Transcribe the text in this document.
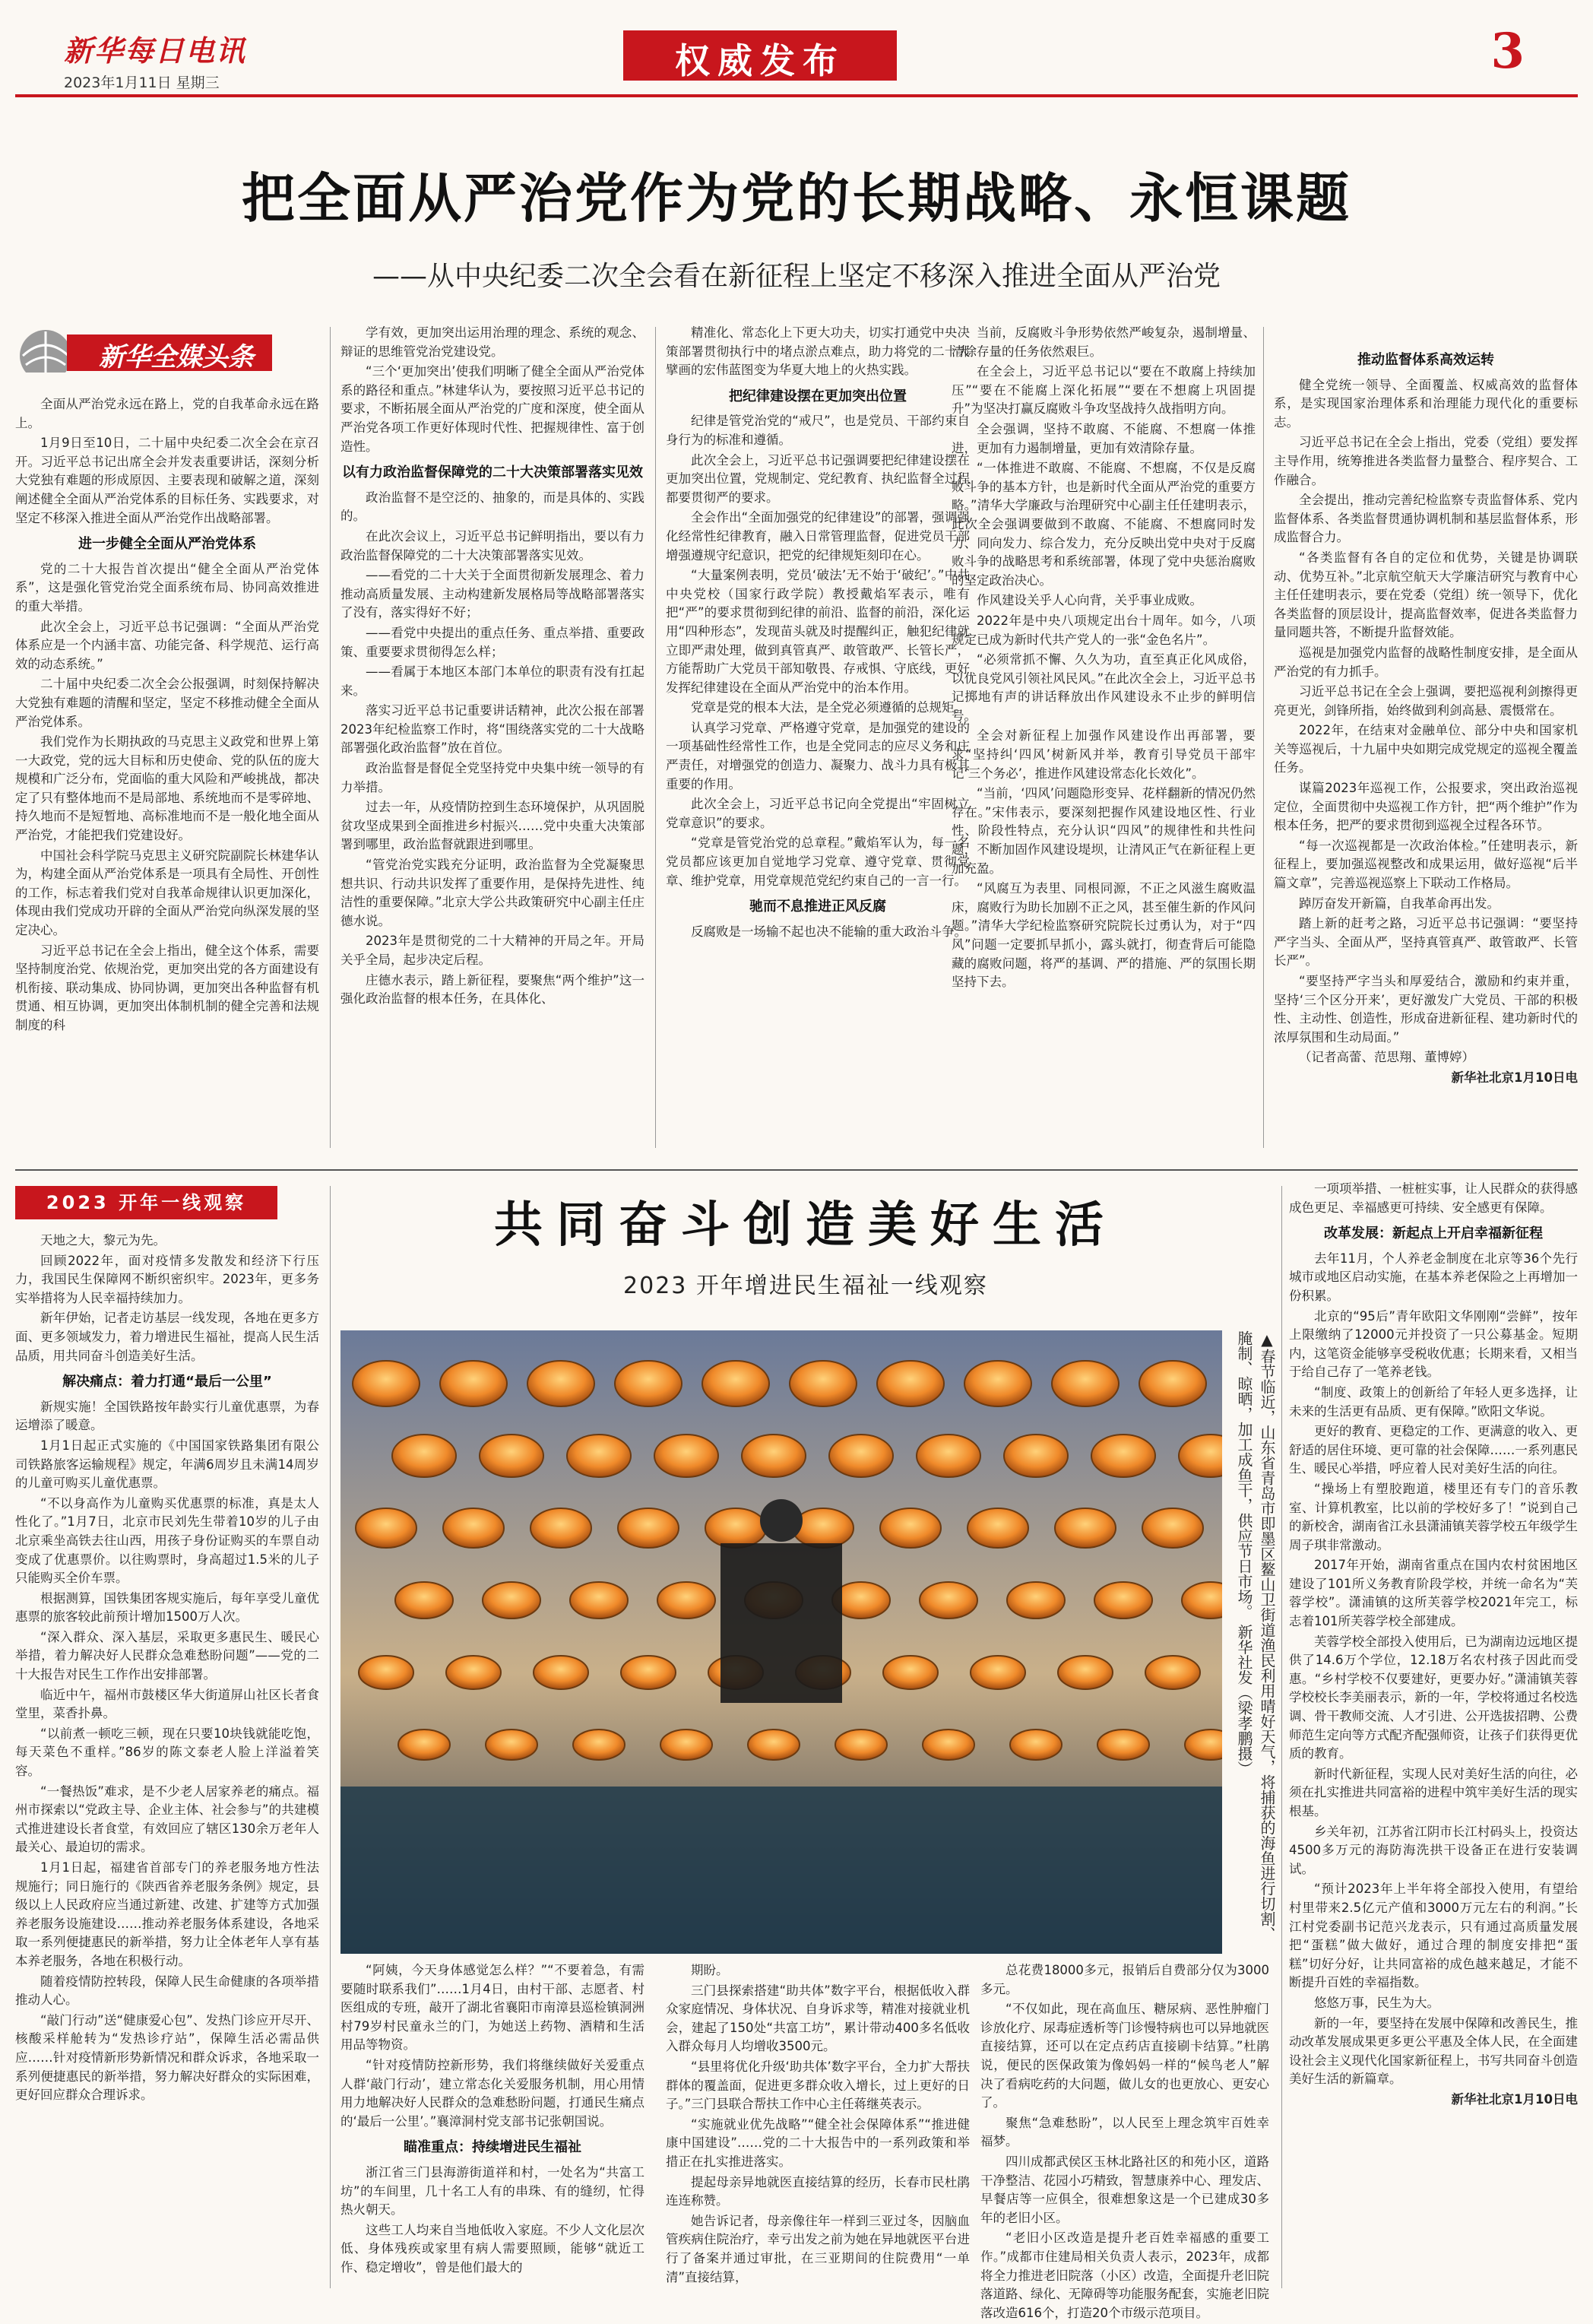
新华每日电讯
2023年1月11日 星期三
权威发布	3
把全面从严治党作为党的长期战略、永恒课题
——从中央纪委二次全会看在新征程上坚定不移深入推进全面从严治党
新华全媒头条

全面从严治党永远在路上，党的自我革命永远在路上。

1月9日至10日，二十届中央纪委二次全会在京召开。习近平总书记出席全会并发表重要讲话，深刻分析大党独有难题的形成原因、主要表现和破解之道，深刻阐述健全全面从严治党体系的目标任务、实践要求，对坚定不移深入推进全面从严治党作出战略部署。

进一步健全全面从严治党体系

党的二十大报告首次提出“健全全面从严治党体系”，这是强化管党治党全面系统布局、协同高效推进的重大举措。

此次全会上，习近平总书记强调：“全面从严治党体系应是一个内涵丰富、功能完备、科学规范、运行高效的动态系统。”

二十届中央纪委二次全会公报强调，时刻保持解决大党独有难题的清醒和坚定，坚定不移推动健全全面从严治党体系。

我们党作为长期执政的马克思主义政党和世界上第一大政党，党的远大目标和历史使命、党的队伍的庞大规模和广泛分布，党面临的重大风险和严峻挑战，都决定了只有整体地而不是局部地、系统地而不是零碎地、持久地而不是短暂地、高标准地而不是一般化地全面从严治党，才能把我们党建设好。

中国社会科学院马克思主义研究院副院长林建华认为，构建全面从严治党体系是一项具有全局性、开创性的工作，标志着我们党对自我革命规律认识更加深化，体现由我们党成功开辟的全面从严治党向纵深发展的坚定决心。

习近平总书记在全会上指出，健全这个体系，需要坚持制度治党、依规治党，更加突出党的各方面建设有机衔接、联动集成、协同协调，更加突出各种监督有机贯通、相互协调，更加突出体制机制的健全完善和法规制度的科

学有效，更加突出运用治理的理念、系统的观念、辩证的思维管党治党建设党。

“三个‘更加突出’使我们明晰了健全全面从严治党体系的路径和重点。”林建华认为，要按照习近平总书记的要求，不断拓展全面从严治党的广度和深度，使全面从严治党各项工作更好体现时代性、把握规律性、富于创造性。

以有力政治监督保障党的二十大决策部署落实见效

政治监督不是空泛的、抽象的，而是具体的、实践的。

在此次会议上，习近平总书记鲜明指出，要以有力政治监督保障党的二十大决策部署落实见效。

——看党的二十大关于全面贯彻新发展理念、着力推动高质量发展、主动构建新发展格局等战略部署落实了没有，落实得好不好；

——看党中央提出的重点任务、重点举措、重要政策、重要要求贯彻得怎么样；

——看属于本地区本部门本单位的职责有没有扛起来。

落实习近平总书记重要讲话精神，此次公报在部署2023年纪检监察工作时，将“围绕落实党的二十大战略部署强化政治监督”放在首位。

政治监督是督促全党坚持党中央集中统一领导的有力举措。

过去一年，从疫情防控到生态环境保护，从巩固脱贫攻坚成果到全面推进乡村振兴……党中央重大决策部署到哪里，政治监督就跟进到哪里。

“管党治党实践充分证明，政治监督为全党凝聚思想共识、行动共识发挥了重要作用，是保持先进性、纯洁性的重要保障。”北京大学公共政策研究中心副主任庄德水说。

2023年是贯彻党的二十大精神的开局之年。开局关乎全局，起步决定后程。

庄德水表示，踏上新征程，要聚焦“两个维护”这一强化政治监督的根本任务，在具体化、

精准化、常态化上下更大功夫，切实打通党中央决策部署贯彻执行中的堵点淤点难点，助力将党的二十大擘画的宏伟蓝图变为华夏大地上的火热实践。

把纪律建设摆在更加突出位置

纪律是管党治党的“戒尺”，也是党员、干部约束自身行为的标准和遵循。

此次全会上，习近平总书记强调要把纪律建设摆在更加突出位置，党规制定、党纪教育、执纪监督全过程都要贯彻严的要求。

全会作出“全面加强党的纪律建设”的部署，强调强化经常性纪律教育，融入日常管理监督，促进党员干部增强遵规守纪意识，把党的纪律规矩刻印在心。

“大量案例表明，党员‘破法’无不始于‘破纪’。”中共中央党校（国家行政学院）教授戴焰军表示，唯有把“严”的要求贯彻到纪律的前沿、监督的前沿，深化运用“四种形态”，发现苗头就及时提醒纠正，触犯纪律就立即严肃处理，做到真管真严、敢管敢严、长管长严，方能帮助广大党员干部知敬畏、存戒惧、守底线，更好发挥纪律建设在全面从严治党中的治本作用。

党章是党的根本大法，是全党必须遵循的总规矩。

认真学习党章、严格遵守党章，是加强党的建设的一项基础性经常性工作，也是全党同志的应尽义务和庄严责任，对增强党的创造力、凝聚力、战斗力具有极其重要的作用。

此次全会上，习近平总书记向全党提出“牢固树立党章意识”的要求。

“党章是管党治党的总章程。”戴焰军认为，每一名党员都应该更加自觉地学习党章、遵守党章、贯彻党章、维护党章，用党章规范党纪约束自己的一言一行。

驰而不息推进正风反腐

反腐败是一场输不起也决不能输的重大政治斗争。

当前，反腐败斗争形势依然严峻复杂，遏制增量、清除存量的任务依然艰巨。

在全会上，习近平总书记以“要在不敢腐上持续加压”“要在不能腐上深化拓展”“要在不想腐上巩固提升”为坚决打赢反腐败斗争攻坚战持久战指明方向。

全会强调，坚持不敢腐、不能腐、不想腐一体推进，更加有力遏制增量，更加有效清除存量。

“一体推进不敢腐、不能腐、不想腐，不仅是反腐败斗争的基本方针，也是新时代全面从严治党的重要方略。”清华大学廉政与治理研究中心副主任任建明表示，此次全会强调要做到不敢腐、不能腐、不想腐同时发力、同向发力、综合发力，充分反映出党中央对于反腐败斗争的战略思考和系统部署，体现了党中央惩治腐败的坚定政治决心。

作风建设关乎人心向背，关乎事业成败。

2022年是中央八项规定出台十周年。如今，八项规定已成为新时代共产党人的一张“金色名片”。

“必须常抓不懈、久久为功，直至真正化风成俗，以优良党风引领社风民风。”在此次全会上，习近平总书记掷地有声的讲话释放出作风建设永不止步的鲜明信号。

全会对新征程上加强作风建设作出再部署，要求“坚持纠‘四风’树新风并举，教育引导党员干部牢记‘三个务必’，推进作风建设常态化长效化”。

“当前，‘四风’问题隐形变异、花样翻新的情况仍然存在。”宋伟表示，要深刻把握作风建设地区性、行业性、阶段性特点，充分认识“四风”的规律性和共性问题，不断加固作风建设堤坝，让清风正气在新征程上更加充盈。

“风腐互为表里、同根同源，不正之风滋生腐败温床，腐败行为助长加剧不正之风，甚至催生新的作风问题。”清华大学纪检监察研究院院长过勇认为，对于“四风”问题一定要抓早抓小，露头就打，彻查背后可能隐藏的腐败问题，将严的基调、严的措施、严的氛围长期坚持下去。

推动监督体系高效运转

健全党统一领导、全面覆盖、权威高效的监督体系，是实现国家治理体系和治理能力现代化的重要标志。

习近平总书记在全会上指出，党委（党组）要发挥主导作用，统筹推进各类监督力量整合、程序契合、工作融合。

全会提出，推动完善纪检监察专责监督体系、党内监督体系、各类监督贯通协调机制和基层监督体系，形成监督合力。

“各类监督有各自的定位和优势，关键是协调联动、优势互补。”北京航空航天大学廉洁研究与教育中心主任任建明表示，要在党委（党组）统一领导下，优化各类监督的顶层设计，提高监督效率，促进各类监督力量同题共答，不断提升监督效能。

巡视是加强党内监督的战略性制度安排，是全面从严治党的有力抓手。

习近平总书记在全会上强调，要把巡视利剑擦得更亮更光，剑锋所指，始终做到利剑高悬、震慑常在。

2022年，在结束对金融单位、部分中央和国家机关等巡视后，十九届中央如期完成党规定的巡视全覆盖任务。

谋篇2023年巡视工作，公报要求，突出政治巡视定位，全面贯彻中央巡视工作方针，把“两个维护”作为根本任务，把严的要求贯彻到巡视全过程各环节。

“每一次巡视都是一次政治体检。”任建明表示，新征程上，要加强巡视整改和成果运用，做好巡视“后半篇文章”，完善巡视巡察上下联动工作格局。

踔厉奋发开新篇，自我革命再出发。

踏上新的赶考之路，习近平总书记强调：“要坚持严字当头、全面从严，坚持真管真严、敢管敢严、长管长严”。

“要坚持严字当头和厚爱结合，激励和约束并重，坚持‘三个区分开来’，更好激发广大党员、干部的积极性、主动性、创造性，形成奋进新征程、建功新时代的浓厚氛围和生动局面。”

（记者高蕾、范思翔、董博婷）

新华社北京1月10日电

2023 开年一线观察	共同奋斗创造美好生活
2023 开年增进民生福祉一线观察
▲春节临近，山东省青岛市即墨区鳌山卫街道渔民利用晴好天气，将捕获的海鱼进行切割、腌制、晾晒，加工成鱼干，供应节日市场。 新华社发（梁孝鹏摄）

天地之大，黎元为先。

回顾2022年，面对疫情多发散发和经济下行压力，我国民生保障网不断织密织牢。2023年，更多务实举措将为人民幸福持续加力。

新年伊始，记者走访基层一线发现，各地在更多方面、更多领域发力，着力增进民生福祉，提高人民生活品质，用共同奋斗创造美好生活。

解决痛点：着力打通“最后一公里”

新规实施！全国铁路按年龄实行儿童优惠票，为春运增添了暖意。

1月1日起正式实施的《中国国家铁路集团有限公司铁路旅客运输规程》规定，年满6周岁且未满14周岁的儿童可购买儿童优惠票。

“不以身高作为儿童购买优惠票的标准，真是太人性化了。”1月7日，北京市民刘先生带着10岁的儿子由北京乘坐高铁去往山西，用孩子身份证购买的车票自动变成了优惠票价。以往购票时，身高超过1.5米的儿子只能购买全价车票。

根据测算，国铁集团客规实施后，每年享受儿童优惠票的旅客较此前预计增加1500万人次。

“深入群众、深入基层，采取更多惠民生、暖民心举措，着力解决好人民群众急难愁盼问题”——党的二十大报告对民生工作作出安排部署。

临近中午，福州市鼓楼区华大街道屏山社区长者食堂里，菜香扑鼻。

“以前煮一顿吃三顿，现在只要10块钱就能吃饱，每天菜色不重样。”86岁的陈文泰老人脸上洋溢着笑容。

“一餐热饭”难求，是不少老人居家养老的痛点。福州市探索以“党政主导、企业主体、社会参与”的共建模式推进建设长者食堂，有效回应了辖区130余万老年人最关心、最迫切的需求。

1月1日起，福建省首部专门的养老服务地方性法规施行；同日施行的《陕西省养老服务条例》规定，县级以上人民政府应当通过新建、改建、扩建等方式加强养老服务设施建设……推动养老服务体系建设，各地采取一系列便捷惠民的新举措，努力让全体老年人享有基本养老服务，各地在积极行动。

随着疫情防控转段，保障人民生命健康的各项举措推动人心。

“敲门行动”送“健康爱心包”、发热门诊应开尽开、核酸采样舱转为“发热诊疗站”，保障生活必需品供应……针对疫情新形势新情况和群众诉求，各地采取一系列便捷惠民的新举措，努力解决好群众的实际困难，更好回应群众合理诉求。

“阿姨，今天身体感觉怎么样？”“不要着急，有需要随时联系我们”……1月4日，由村干部、志愿者、村医组成的专班，敲开了湖北省襄阳市南漳县巡检镇洞洲村79岁村民童永兰的门，为她送上药物、酒精和生活用品等物资。

“针对疫情防控新形势，我们将继续做好关爱重点人群‘敲门行动’，建立常态化关爱服务机制，用心用情用力地解决好人民群众的急难愁盼问题，打通民生痛点的‘最后一公里’。”襄漳洞村党支部书记张朝国说。

瞄准重点：持续增进民生福祉

浙江省三门县海游街道祥和村，一处名为“共富工坊”的车间里，几十名工人有的串珠、有的缝纫，忙得热火朝天。

这些工人均来自当地低收入家庭。不少人文化层次低、身体残疾或家里有病人需要照顾，能够“就近工作、稳定增收”，曾是他们最大的

期盼。

三门县探索搭建“助共体”数字平台，根据低收入群众家庭情况、身体状况、自身诉求等，精准对接就业机会，建起了150处“共富工坊”，累计带动400多名低收入群众每月人均增收3500元。

“县里将优化升级‘助共体’数字平台，全力扩大帮扶群体的覆盖面，促进更多群众收入增长，过上更好的日子。”三门县联合帮扶工作中心主任蒋继英表示。

“实施就业优先战略”“健全社会保障体系”“推进健康中国建设”……党的二十大报告中的一系列政策和举措正在扎实推进落实。

提起母亲异地就医直接结算的经历，长春市民杜鹃连连称赞。

她告诉记者，母亲像往年一样到三亚过冬，因脑血管疾病住院治疗，幸亏出发之前为她在异地就医平台进行了备案并通过审批，在三亚期间的住院费用“一单清”直接结算，

总花费18000多元，报销后自费部分仅为3000多元。

“不仅如此，现在高血压、糖尿病、恶性肿瘤门诊放化疗、尿毒症透析等门诊慢特病也可以异地就医直接结算，还可以在定点药店直接刷卡结算。”杜鹃说，便民的医保政策为像妈妈一样的“候鸟老人”解决了看病吃药的大问题，做儿女的也更放心、更安心了。

聚焦“急难愁盼”，以人民至上理念筑牢百姓幸福梦。

四川成都武侯区玉林北路社区的和苑小区，道路干净整洁、花园小巧精致，智慧康养中心、理发店、早餐店等一应俱全，很难想象这是一个已建成30多年的老旧小区。

“老旧小区改造是提升老百姓幸福感的重要工作。”成都市住建局相关负责人表示，2023年，成都将全力推进老旧院落（小区）改造，全面提升老旧院落道路、绿化、无障碍等功能服务配套，实施老旧院落改造616个，打造20个市级示范项目。

一项项举措、一桩桩实事，让人民群众的获得感成色更足、幸福感更可持续、安全感更有保障。

改革发展：新起点上开启幸福新征程

去年11月，个人养老金制度在北京等36个先行城市或地区启动实施，在基本养老保险之上再增加一份积累。

北京的“95后”青年欧阳文华刚刚“尝鲜”，按年上限缴纳了12000元并投资了一只公募基金。短期内，这笔资金能够享受税收优惠；长期来看，又相当于给自己存了一笔养老钱。

“制度、政策上的创新给了年轻人更多选择，让未来的生活更有品质、更有保障。”欧阳文华说。

更好的教育、更稳定的工作、更满意的收入、更舒适的居住环境、更可靠的社会保障……一系列惠民生、暖民心举措，呼应着人民对美好生活的向往。

“操场上有塑胶跑道，楼里还有专门的音乐教室、计算机教室，比以前的学校好多了！”说到自己的新校舍，湖南省江永县潇浦镇芙蓉学校五年级学生周子琪非常激动。

2017年开始，湖南省重点在国内农村贫困地区建设了101所义务教育阶段学校，并统一命名为“芙蓉学校”。潇浦镇的这所芙蓉学校2021年完工，标志着101所芙蓉学校全部建成。

芙蓉学校全部投入使用后，已为湖南边远地区提供了14.6万个学位，12.18万名农村孩子因此而受惠。“乡村学校不仅要建好，更要办好。”潇浦镇芙蓉学校校长李美丽表示，新的一年，学校将通过名校选调、骨干教师交流、人才引进、公开选拔招聘、公费师范生定向等方式配齐配强师资，让孩子们获得更优质的教育。

新时代新征程，实现人民对美好生活的向往，必须在扎实推进共同富裕的进程中筑牢美好生活的现实根基。

乡关年初，江苏省江阴市长江村码头上，投资达4500多万元的海防海洗拱干设备正在进行安装调试。

“预计2023年上半年将全部投入使用，有望给村里带来2.5亿元产值和3000万元左右的利润。”长江村党委副书记范兴龙表示，只有通过高质量发展把“蛋糕”做大做好，通过合理的制度安排把“蛋糕”切好分好，让共同富裕的成色越来越足，才能不断提升百姓的幸福指数。

悠悠万事，民生为大。

新的一年，要坚持在发展中保障和改善民生，推动改革发展成果更多更公平惠及全体人民，在全面建设社会主义现代化国家新征程上，书写共同奋斗创造美好生活的新篇章。

新华社北京1月10日电
